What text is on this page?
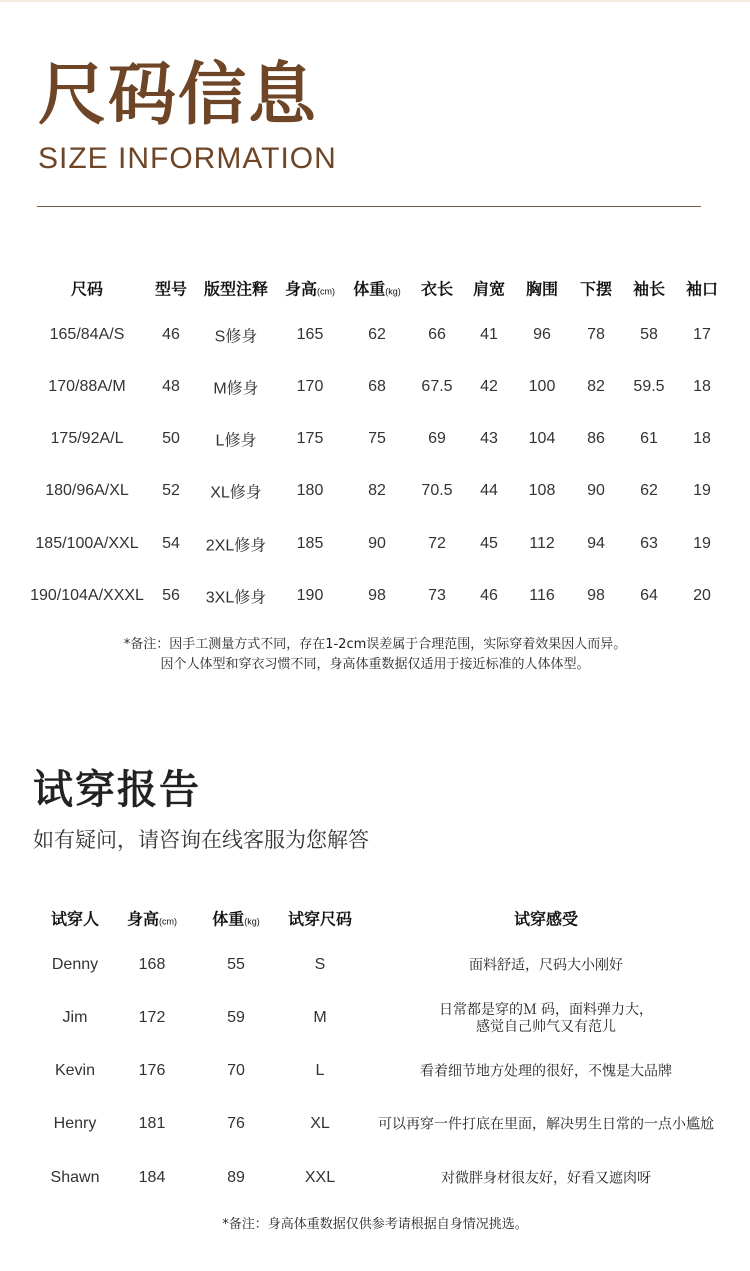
尺码信息
SIZE INFORMATION
尺码	型号 版型注释 身高(cm) 体重(kg) 衣长 肩宽 胸围 下摆 袖长 袖口
165/84A/S 46 S修身 165	62	66 41 96 78 58 17
170/88A/M 48 M修身 170	68 67.5 42 100 82 59.5 18
175/92A/L 50 L修身	175	75	69 43 104 86 61 18
180/96A/XL 52 XL修身 180	82 70.5 44 108 90 62 19
185/100A/XXL 54 2XL修身 185	90	72 45 112 94 63 19
190/104A/XXXL 56 3XL修身 190	98	73 46 116 98 64 20
*备注：因手工测量方式不同，存在1-2cm误差属于合理范围，实际穿着效果因人而异。
因个人体型和穿衣习惯不同，身高体重数据仅适用于接近标准的人体体型。
试穿报告
如有疑问，请咨询在线客服为您解答
试穿人 身高(cm) 体重(kg) 试穿尺码	试穿感受
Denny	168	55	S	面料舒适，尺码大小刚好
Jim	172	59	M	日常都是穿的Ｍ 码，面料弹力大，
感觉自己帅气又有范儿
Kevin	176	70	L	看着细节地方处理的很好，不愧是大品牌
Henry	181	76	XL	可以再穿一件打底在里面，解决男生日常的一点小尴尬
Shawn 184	89	XXL	对微胖身材很友好，好看又遮肉呀
*备注：身高体重数据仅供参考请根据自身情况挑选。
